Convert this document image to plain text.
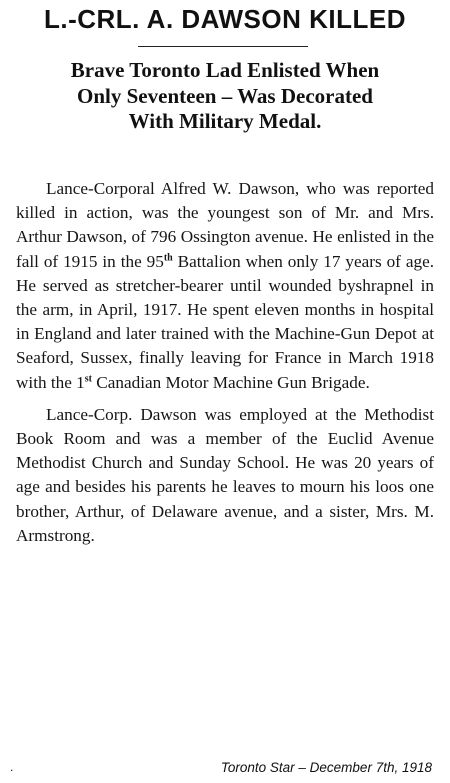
L.-CRL. A. DAWSON KILLED
Brave Toronto Lad Enlisted When
Only Seventeen – Was Decorated
With Military Medal.

Lance-Corporal Alfred W. Dawson, who was reported killed in action, was the youngest son of Mr. and Mrs. Arthur Dawson, of 796 Ossington avenue. He enlisted in the fall of 1915 in the 95th Battalion when only 17 years of age. He served as stretcher-bearer until wounded byshrapnel in the arm, in April, 1917. He spent eleven months in hospital in England and later trained with the Machine-Gun Depot at Seaford, Sussex, finally leaving for France in March 1918 with the 1st Canadian Motor Machine Gun Brigade.

Lance-Corp. Dawson was employed at the Methodist Book Room and was a member of the Euclid Avenue Methodist Church and Sunday School. He was 20 years of age and besides his parents he leaves to mourn his loos one brother, Arthur, of Delaware avenue, and a sister, Mrs. M. Armstrong.

.	Toronto Star – December 7th, 1918
